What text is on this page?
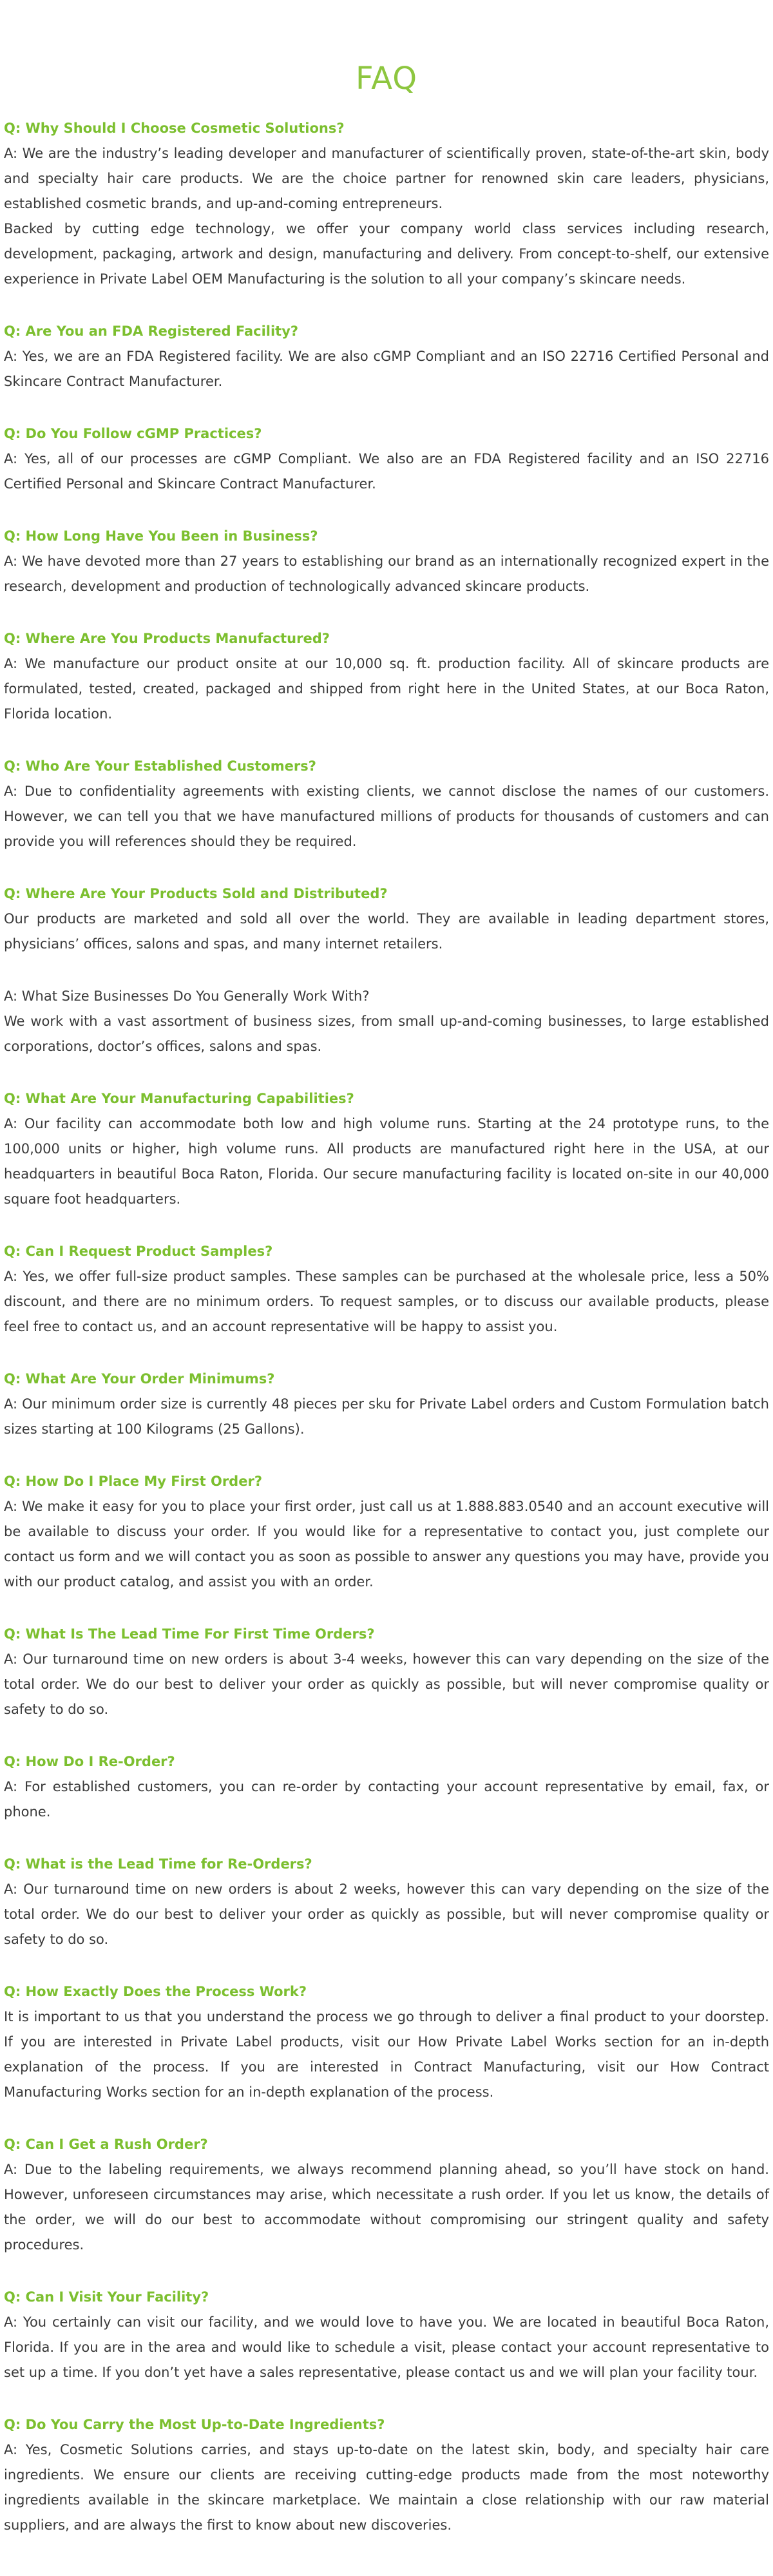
FAQ
Q: Why Should I Choose Cosmetic Solutions?

A: We are the industry’s leading developer and manufacturer of scientifically proven, state-of-the-art skin, body and specialty hair care products. We are the choice partner for renowned skin care leaders, physicians, established cosmetic brands, and up-and-coming entrepreneurs.

Backed by cutting edge technology, we offer your company world class services including research, development, packaging, artwork and design, manufacturing and delivery. From concept-to-shelf, our extensive experience in Private Label OEM Manufacturing is the solution to all your company’s skincare needs.

Q: Are You an FDA Registered Facility?

A: Yes, we are an FDA Registered facility. We are also cGMP Compliant and an ISO 22716 Certified Personal and Skincare Contract Manufacturer.

Q: Do You Follow cGMP Practices?

A: Yes, all of our processes are cGMP Compliant. We also are an FDA Registered facility and an ISO 22716 Certified Personal and Skincare Contract Manufacturer.

Q: How Long Have You Been in Business?

A: We have devoted more than 27 years to establishing our brand as an internationally recognized expert in the research, development and production of technologically advanced skincare products.

Q: Where Are You Products Manufactured?

A: We manufacture our product onsite at our 10,000 sq. ft. production facility. All of skincare products are formulated, tested, created, packaged and shipped from right here in the United States, at our Boca Raton, Florida location.

Q: Who Are Your Established Customers?

A: Due to confidentiality agreements with existing clients, we cannot disclose the names of our customers. However, we can tell you that we have manufactured millions of products for thousands of customers and can provide you will references should they be required.

Q: Where Are Your Products Sold and Distributed?

Our products are marketed and sold all over the world. They are available in leading department stores, physicians’ offices, salons and spas, and many internet retailers.

A: What Size Businesses Do You Generally Work With?

We work with a vast assortment of business sizes, from small up-and-coming businesses, to large established corporations, doctor’s offices, salons and spas.

Q: What Are Your Manufacturing Capabilities?

A: Our facility can accommodate both low and high volume runs. Starting at the 24 prototype runs, to the 100,000 units or higher, high volume runs. All products are manufactured right here in the USA, at our headquarters in beautiful Boca Raton, Florida. Our secure manufacturing facility is located on-site in our 40,000 square foot headquarters.

Q: Can I Request Product Samples?

A: Yes, we offer full-size product samples. These samples can be purchased at the wholesale price, less a 50% discount, and there are no minimum orders. To request samples, or to discuss our available products, please feel free to contact us, and an account representative will be happy to assist you.

Q: What Are Your Order Minimums?

A: Our minimum order size is currently 48 pieces per sku for Private Label orders and Custom Formulation batch sizes starting at 100 Kilograms (25 Gallons).

Q: How Do I Place My First Order?

A: We make it easy for you to place your first order, just call us at 1.888.883.0540 and an account executive will be available to discuss your order. If you would like for a representative to contact you, just complete our contact us form and we will contact you as soon as possible to answer any questions you may have, provide you with our product catalog, and assist you with an order.

Q: What Is The Lead Time For First Time Orders?

A: Our turnaround time on new orders is about 3-4 weeks, however this can vary depending on the size of the total order. We do our best to deliver your order as quickly as possible, but will never compromise quality or safety to do so.

Q: How Do I Re-Order?

A: For established customers, you can re-order by contacting your account representative by email, fax, or phone.

Q: What is the Lead Time for Re-Orders?

A: Our turnaround time on new orders is about 2 weeks, however this can vary depending on the size of the total order. We do our best to deliver your order as quickly as possible, but will never compromise quality or safety to do so.

Q: How Exactly Does the Process Work?

It is important to us that you understand the process we go through to deliver a final product to your doorstep. If you are interested in Private Label products, visit our How Private Label Works section for an in-depth explanation of the process. If you are interested in Contract Manufacturing, visit our How Contract Manufacturing Works section for an in-depth explanation of the process.

Q: Can I Get a Rush Order?

A: Due to the labeling requirements, we always recommend planning ahead, so you’ll have stock on hand. However, unforeseen circumstances may arise, which necessitate a rush order. If you let us know, the details of the order, we will do our best to accommodate without compromising our stringent quality and safety procedures.

Q: Can I Visit Your Facility?

A: You certainly can visit our facility, and we would love to have you. We are located in beautiful Boca Raton, Florida. If you are in the area and would like to schedule a visit, please contact your account representative to set up a time. If you don’t yet have a sales representative, please contact us and we will plan your facility tour.

Q: Do You Carry the Most Up-to-Date Ingredients?

A: Yes, Cosmetic Solutions carries, and stays up-to-date on the latest skin, body, and specialty hair care ingredients. We ensure our clients are receiving cutting-edge products made from the most noteworthy ingredients available in the skincare marketplace. We maintain a close relationship with our raw material suppliers, and are always the first to know about new discoveries.
